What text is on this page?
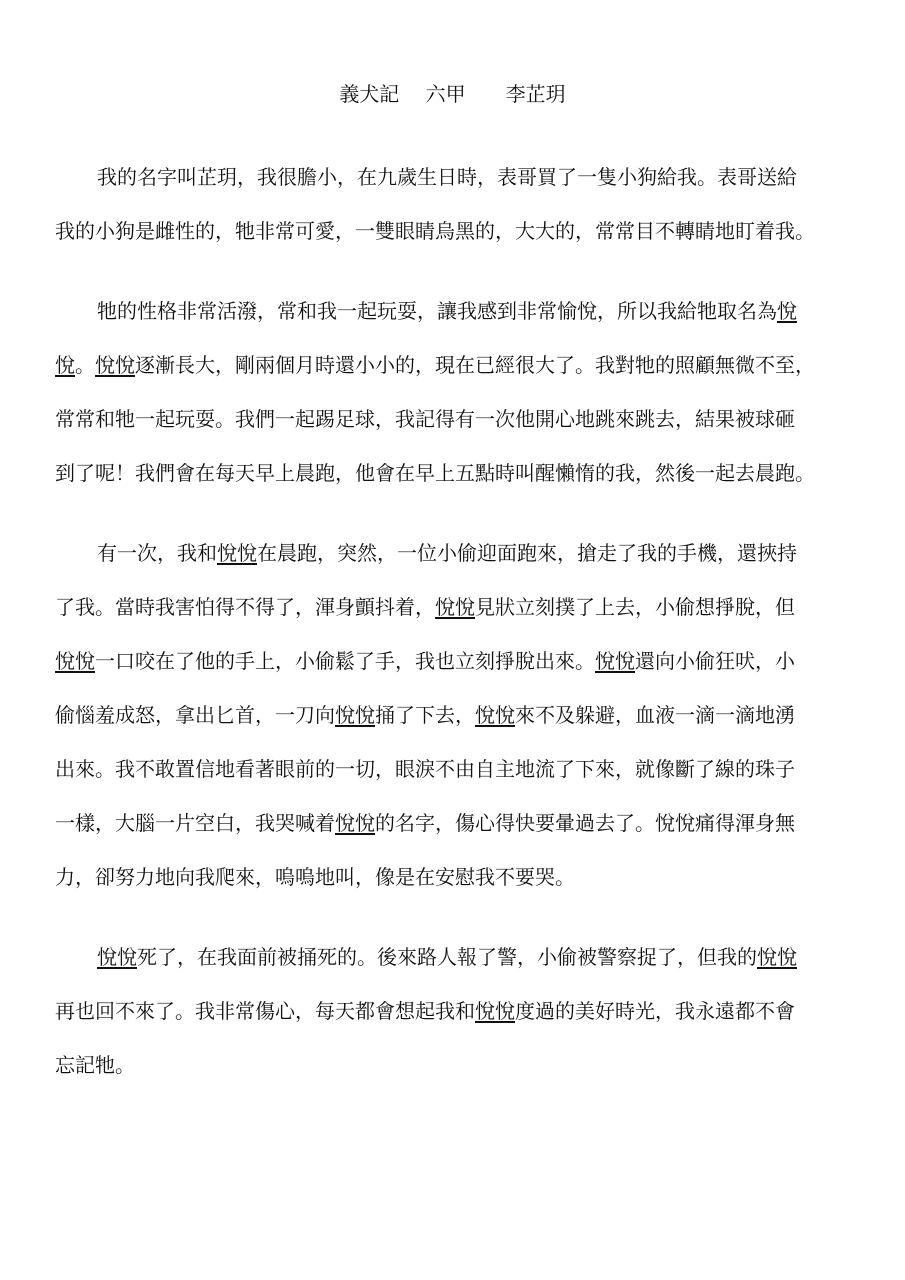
義犬記　 六甲　　李芷玥
我的名字叫芷玥，我很膽小，在九歲生日時，表哥買了一隻小狗給我。表哥送給
我的小狗是雌性的，牠非常可愛，一雙眼睛烏黑的，大大的，常常目不轉睛地盯着我。
牠的性格非常活潑，常和我一起玩耍，讓我感到非常愉悅，所以我給牠取名為悅
悅。悅悅逐漸長大，剛兩個月時還小小的，現在已經很大了。我對牠的照顧無微不至，
常常和牠一起玩耍。我們一起踢足球，我記得有一次他開心地跳來跳去，結果被球砸
到了呢！我們會在每天早上晨跑，他會在早上五點時叫醒懶惰的我，然後一起去晨跑。
有一次，我和悅悅在晨跑，突然，一位小偷迎面跑來，搶走了我的手機，還挾持
了我。當時我害怕得不得了，渾身顫抖着，悅悅見狀立刻撲了上去，小偷想掙脫，但
悅悅一口咬在了他的手上，小偷鬆了手，我也立刻掙脫出來。悅悅還向小偷狂吠，小
偷惱羞成怒，拿出匕首，一刀向悅悅捅了下去，悅悅來不及躲避，血液一滴一滴地湧
出來。我不敢置信地看著眼前的一切，眼淚不由自主地流了下來，就像斷了線的珠子
一樣，大腦一片空白，我哭喊着悅悅的名字，傷心得快要暈過去了。悅悅痛得渾身無
力，卻努力地向我爬來，嗚嗚地叫，像是在安慰我不要哭。
悅悅死了，在我面前被捅死的。後來路人報了警，小偷被警察捉了，但我的悅悅
再也回不來了。我非常傷心，每天都會想起我和悅悅度過的美好時光，我永遠都不會
忘記牠。
